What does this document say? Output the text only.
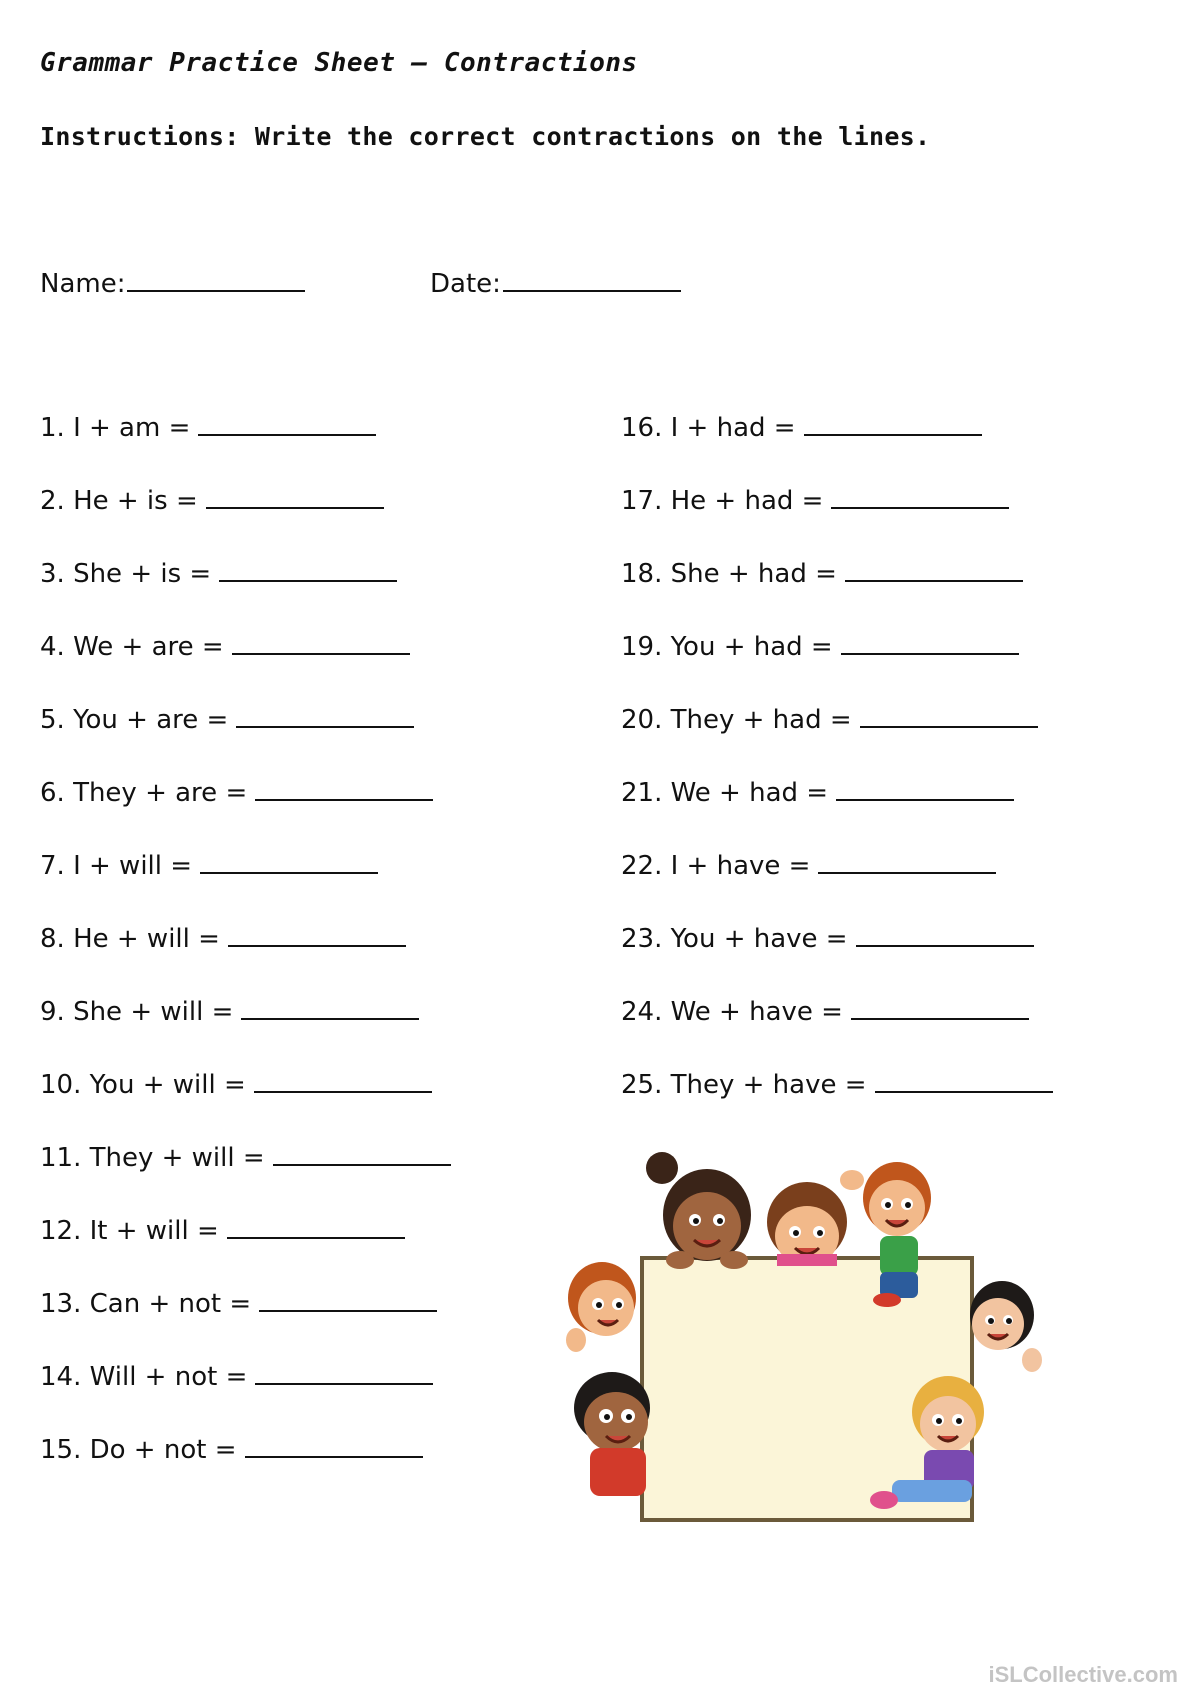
Grammar Practice Sheet – Contractions
Instructions: Write the correct contractions on the lines.
Name:	Date:
1. I + am =
2. He + is =
3. She + is =
4. We + are =
5. You + are =
6. They + are =
7. I + will =
8. He + will =
9. She + will =
10. You + will =
11. They + will =
12. It + will =
13. Can + not =
14. Will + not =
15. Do + not =
16. I + had =
17. He + had =
18. She + had =
19. You + had =
20. They + had =
21. We + had =
22. I + have =
23. You + have =
24. We + have =
25. They + have =
iSLCollective.com
